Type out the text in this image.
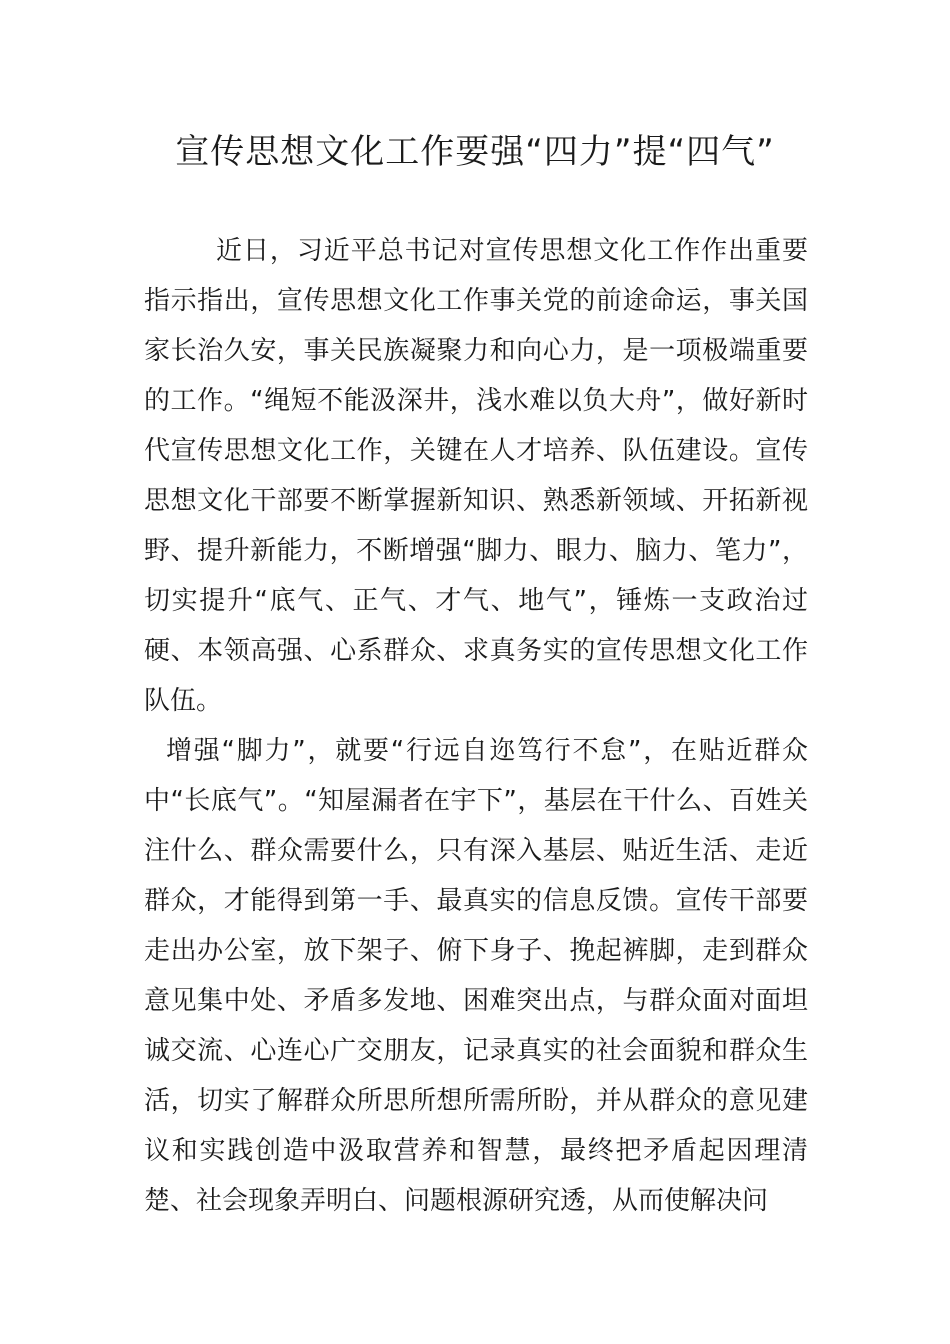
宣传思想文化工作要强“四力”提“四气”

近日，习近平总书记对宣传思想文化工作作出重要指示指出，宣传思想文化工作事关党的前途命运，事关国家长治久安，事关民族凝聚力和向心力，是一项极端重要的工作。“绳短不能汲深井，浅水难以负大舟”，做好新时代宣传思想文化工作，关键在人才培养、队伍建设。宣传思想文化干部要不断掌握新知识、熟悉新领域、开拓新视野、提升新能力，不断增强“脚力、眼力、脑力、笔力”，切实提升“底气、正气、才气、地气”，锤炼一支政治过硬、本领高强、心系群众、求真务实的宣传思想文化工作队伍。

增强“脚力”，就要“行远自迩笃行不怠”，在贴近群众中“长底气”。“知屋漏者在宇下”，基层在干什么、百姓关注什么、群众需要什么，只有深入基层、贴近生活、走近群众，才能得到第一手、最真实的信息反馈。宣传干部要走出办公室，放下架子、俯下身子、挽起裤脚，走到群众意见集中处、矛盾多发地、困难突出点，与群众面对面坦诚交流、心连心广交朋友，记录真实的社会面貌和群众生活，切实了解群众所思所想所需所盼，并从群众的意见建议和实践创造中汲取营养和智慧，最终把矛盾起因理清楚、社会现象弄明白、问题根源研究透，从而使解决问
